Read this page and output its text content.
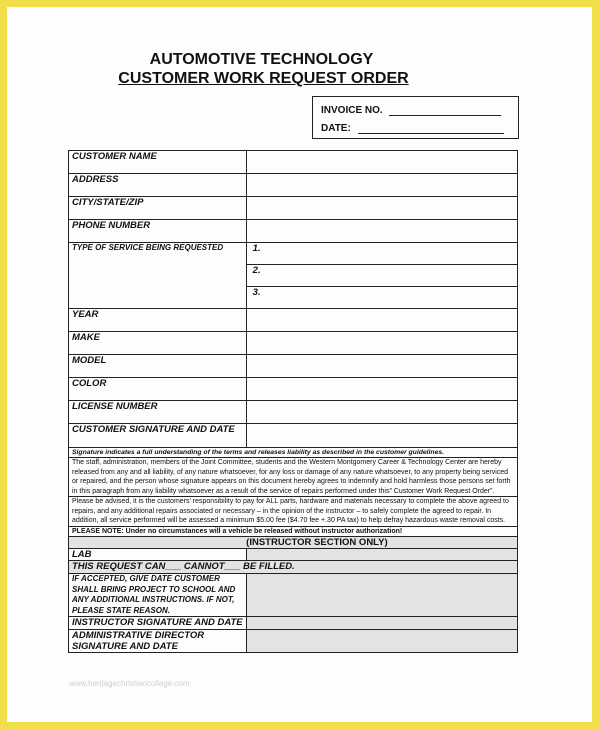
AUTOMOTIVE TECHNOLOGY
CUSTOMER WORK REQUEST ORDER
INVOICE NO.
DATE:
CUSTOMER NAME	
ADDRESS	
CITY/STATE/ZIP	
PHONE NUMBER	
TYPE OF SERVICE BEING REQUESTED	1.
	2.
	3.
YEAR	
MAKE	
MODEL	
COLOR	
LICENSE NUMBER	
CUSTOMER SIGNATURE AND DATE	
Signature indicates a full understanding of the terms and releases liability as described in the customer guidelines.	
The staff, administration, members of the Joint Committee, students and the Western Montgomery Career & Technology Center are hereby released from any and all liability, of any nature whatsoever, for any loss or damage of any nature whatsoever, to any property being serviced or repaired, and the person whose signature appears on this document hereby agrees to indemnify and hold harmless those persons set forth in this paragraph from any liability whatsoever as a result of the service of repairs performed under this” Customer Work Request Order”.	
Please be advised, it is the customers' responsibility to pay for ALL parts, hardware and materials necessary to complete the above agreed to repairs, and any additional repairs associated or necessary – in the opinion of the instructor – to safely complete the agreed to repair. In addition, all service performed will be assessed a minimum $5.00 fee ($4.70 fee +.30 PA tax) to help defray hazardous waste removal costs.	
PLEASE NOTE: Under no circumstances will a vehicle be released without instructor authorization!	
	(INSTRUCTOR SECTION ONLY)
LAB	
THIS REQUEST CAN___ CANNOT___ BE FILLED.	
IF ACCEPTED, GIVE DATE CUSTOMER SHALL BRING PROJECT TO SCHOOL AND ANY ADDITIONAL INSTRUCTIONS. IF NOT, PLEASE STATE REASON.	
INSTRUCTOR SIGNATURE AND DATE	
ADMINISTRATIVE DIRECTOR SIGNATURE AND DATE	
www.heritagechristiancollege.com
